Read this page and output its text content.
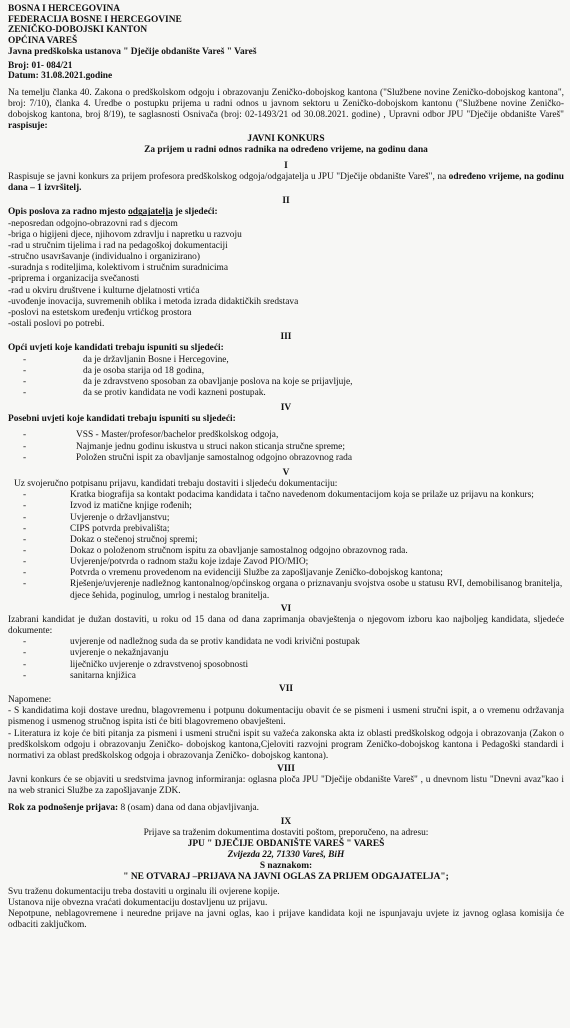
BOSNA I HERCEGOVINA
FEDERACIJA BOSNE I HERCEGOVINE
ZENIČKO-DOBOJSKI KANTON
OPĆINA VAREŠ
Javna predškolska ustanova " Dječije obdanište Vareš " Vareš
Broj: 01- 084/21
Datum: 31.08.2021.godine

Na temelju članka 40. Zakona o predškolskom odgoju i obrazovanju Zeničko-dobojskog kantona ("Službene novine Zeničko-dobojskog kantona", broj: 7/10), člankа 4. Uredbe o postupku prijema u radni odnos u javnom sektoru u Zeničko-dobojskom kantonu ("Službene novine Zeničko-dobojskog kantona, broj 8/19), te saglasnosti Osnivača (broj: 02-1493/21 od 30.08.2021. godine) , Upravni odbor JPU "Dječije obdanište Vareš" raspisuje:

JAVNI KONKURS
Za prijem u radni odnos radnika na određeno vrijeme, na godinu dana
I

Raspisuje se javni konkurs za prijem profesora predškolskog odgoja/odgajatelja u JPU "Dječije obdanište Vareš", na određeno vrijeme, na godinu dana – 1 izvršitelj.

II
Opis poslova za radno mjesto odgajatelja je sljedeći:
-neposredan odgojno-obrazovni rad s djecom
-briga o higijeni djece, njihovom zdravlju i napretku u razvoju
-rad u stručnim tijelima i rad na pedagoškoj dokumentaciji
-stručno usavršavanje (individualno i organizirano)
-suradnja s roditeljima, kolektivom i stručnim suradnicima
-priprema i organizacija svečanosti
-rad u okviru društvene i kulturne djelatnosti vrtića
-uvođenje inovacija, suvremenih oblika i metoda izrada didaktičkih sredstava
-poslovi na estetskom uređenju vrtićkog prostora
-ostali poslovi po potrebi.
III
Opći uvjeti koje kandidati trebaju ispuniti su sljedeći:
- da je državljanin Bosne i Hercegovine,
- da je osoba starija od 18 godina,
- da je zdravstveno sposoban za obavljanje poslova na koje se prijavljuje,
- da se protiv kandidata ne vodi kazneni postupak.
IV
Posebni uvjeti koje kandidati trebaju ispuniti su sljedeći:
- VSS - Master/profesor/bachelor predškolskog odgoja,
- Najmanje jednu godinu iskustva u struci nakon sticanja stručne spreme;
- Položen stručni ispit za obavljanje samostalnog odgojno obrazovnog rada
V
Uz svojeručno potpisanu prijavu, kandidati trebaju dostaviti i sljedeću dokumentaciju:
- Kratka biografija sa kontakt podacima kandidata i tačno navedenom dokumentacijom koja se prilaže uz prijavu na konkurs;
- Izvod iz matične knjige rođenih;
- Uvjerenje o državljanstvu;
- CIPS potvrda prebivališta;
- Dokaz o stečenoj stručnoj spremi;
- Dokaz o položenom stručnom ispitu za obavljanje samostalnog odgojno obrazovnog rada.
- Uvjerenje/potvrda o radnom stažu koje izdaje Zavod PIO/MIO;
- Potvrda o vremenu provedenom na evidenciji Službe za zapošljavanje Zeničko-dobojskog kantona;
- Rješenje/uvjerenje nadležnog kantonalnog/općinskog organa o priznavanju svojstva osobe u statusu RVI, demobilisanog branitelja, djece šehida, poginulog, umrlog i nestalog branitelja.
VI

Izabrani kandidat je dužan dostaviti, u roku od 15 dana od dana zaprimanja obavještenja o njegovom izboru kao najboljeg kandidata, sljedeće dokumente:

- uvjerenje od nadležnog suda da se protiv kandidata ne vodi krivični postupak
- uvjerenje o nekažnjavanju
- liječničko uvjerenje o zdravstvenoj sposobnosti
- sanitarna knjižica
VII
Napomene:

- S kandidatima koji dostave urednu, blagovremenu i potpunu dokumentaciju obavit će se pismeni i usmeni stručni ispit, a o vremenu održavanja pismenog i usmenog stručnog ispita isti će biti blagovremeno obavješteni.

- Literatura iz koje će biti pitanja za pismeni i usmeni stručni ispit su važeća zakonska akta iz oblasti predškolskog odgoja i obrazovanja (Zakon o predškolskom odgoju i obrazovanju Zeničko- dobojskog kantona,Cjeloviti razvojni program Zeničko-dobojskog kantona i Pedagoški standardi i normativi za oblast predškolskog odgoja i obrazovanja Zeničko- dobojskog kantona).

VIII

Javni konkurs će se objaviti u sredstvima javnog informiranja: oglasna ploča JPU "Dječije obdanište Vareš" , u dnevnom listu "Dnevni avaz"kao i na web stranici Službe za zapošljavanje ZDK.

Rok za podnošenje prijava: 8 (osam) dana od dana objavljivanja.

IX
Prijave sa traženim dokumentima dostaviti poštom, preporučeno, na adresu:
JPU " DJEČIJE OBDANIŠTE VAREŠ " VAREŠ
Zvijezda 22, 71330 Vareš, BiH
S naznakom:
" NE OTVARAJ –PRIJAVA NA JAVNI OGLAS ZA PRIJEM ODGAJATELJA";
Svu traženu dokumentaciju treba dostaviti u orginalu ili ovjerene kopije.
Ustanova nije obvezna vraćati dokumentaciju dostavljenu uz prijavu.

Nepotpune, neblagovremene i neuredne prijave na javni oglas, kao i prijave kandidata koji ne ispunjavaju uvjete iz javnog oglasa komisija će odbaciti zaključkom.
